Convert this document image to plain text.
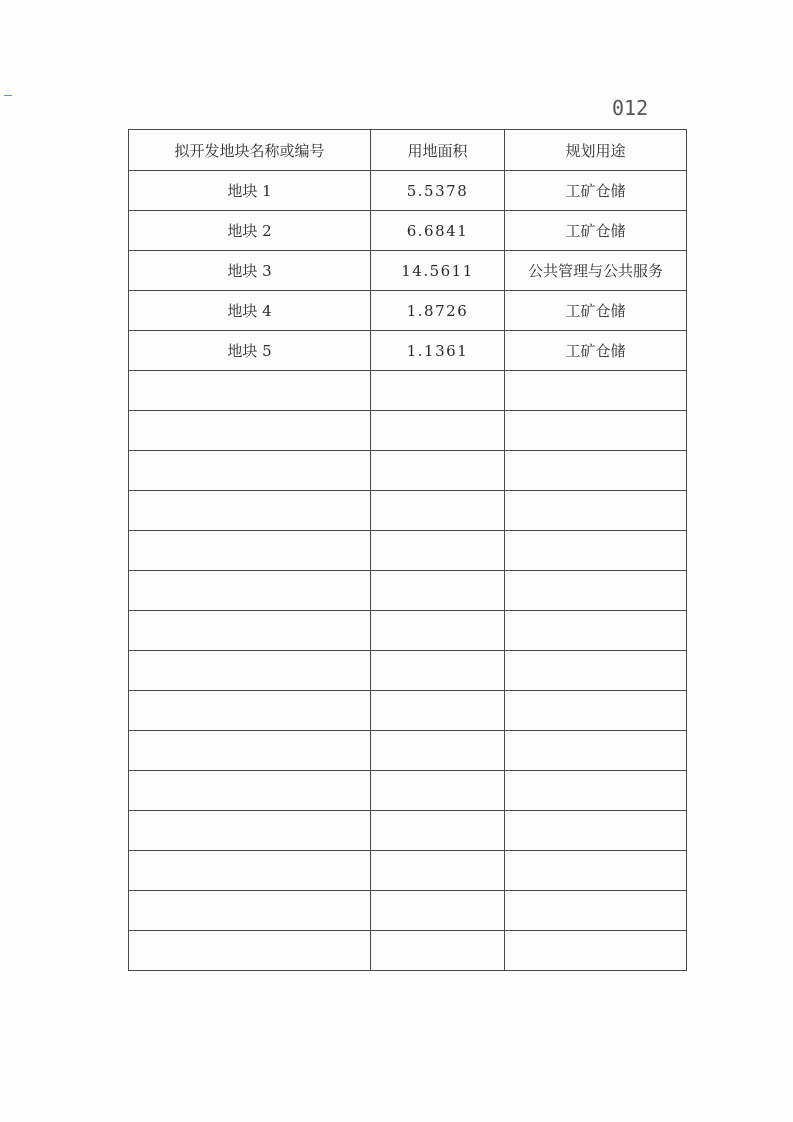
012
拟开发地块名称或编号	用地面积	规划用途
地块 1	5.5378	工矿仓储
地块 2	6.6841	工矿仓储
地块 3	14.5611	公共管理与公共服务
地块 4	1.8726	工矿仓储
地块 5	1.1361	工矿仓储
